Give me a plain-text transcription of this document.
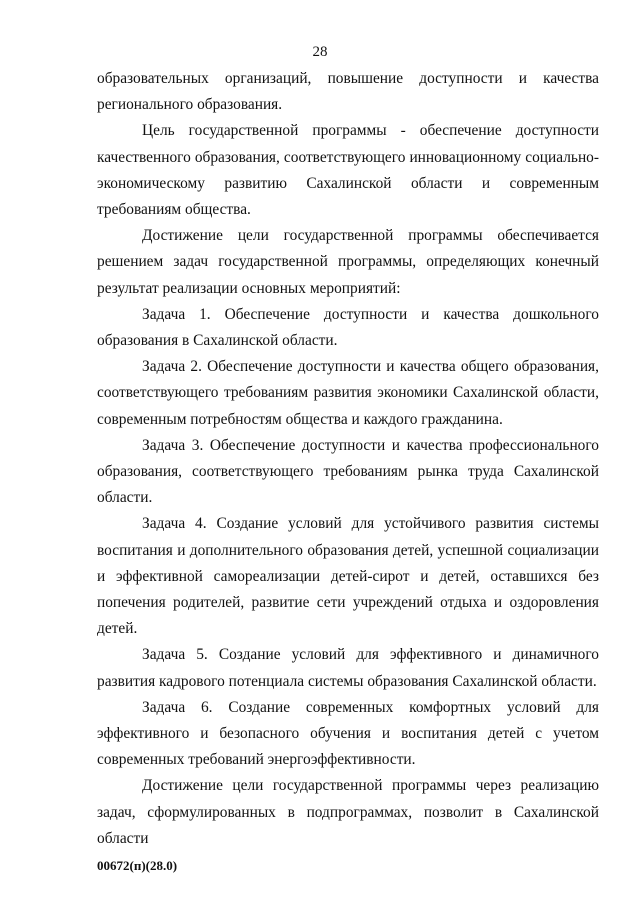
28

образовательных организаций, повышение доступности и качества регионального образования.

Цель государственной программы - обеспечение доступности качественного образования, соответствующего инновационному социально-экономическому развитию Сахалинской области и современным требованиям общества.

Достижение цели государственной программы обеспечивается решением задач государственной программы, определяющих конечный результат реализации основных мероприятий:

Задача 1. Обеспечение доступности и качества дошкольного образования в Сахалинской области.

Задача 2. Обеспечение доступности и качества общего образования, соответствующего требованиям развития экономики Сахалинской области, современным потребностям общества и каждого гражданина.

Задача 3. Обеспечение доступности и качества профессионального образования, соответствующего требованиям рынка труда Сахалинской области.

Задача 4. Создание условий для устойчивого развития системы воспитания и дополнительного образования детей, успешной социализации и эффективной самореализации детей-сирот и детей, оставшихся без попечения родителей, развитие сети учреждений отдыха и оздоровления детей.

Задача 5. Создание условий для эффективного и динамичного развития кадрового потенциала системы образования Сахалинской области.

Задача 6. Создание современных комфортных условий для эффективного и безопасного обучения и воспитания детей с учетом современных требований энергоэффективности.

Достижение цели государственной программы через реализацию задач, сформулированных в подпрограммах, позволит в Сахалинской области

00672(п)(28.0)
